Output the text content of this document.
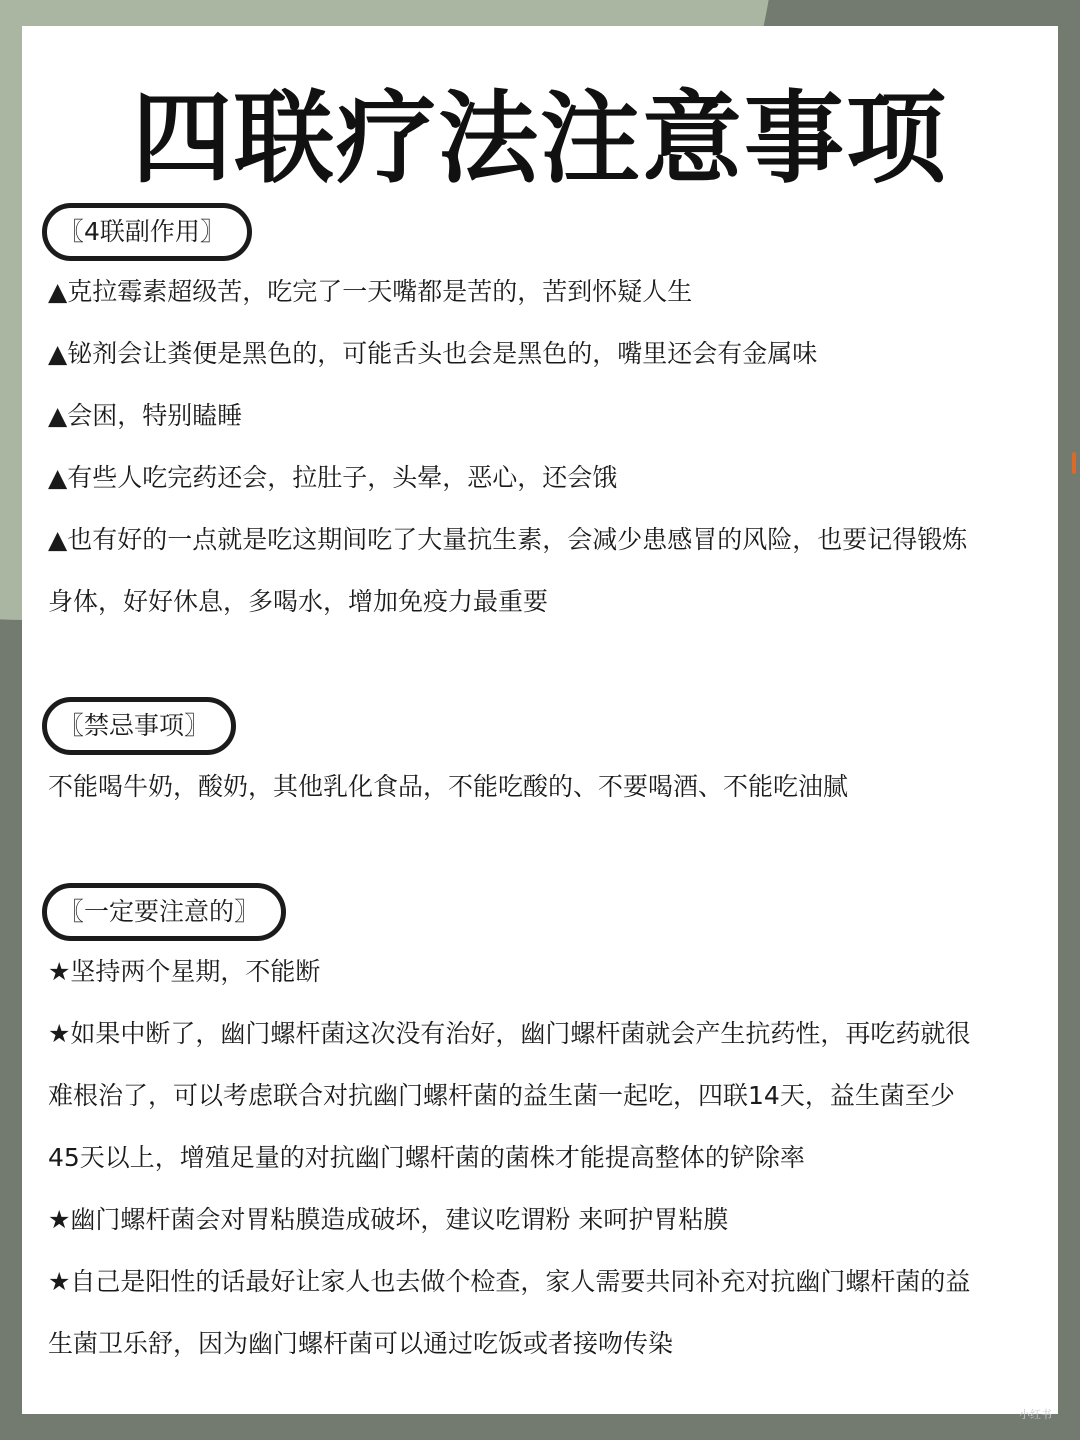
四联疗法注意事项
〖4联副作用〗

▲克拉霉素超级苦，吃完了一天嘴都是苦的，苦到怀疑人生

▲铋剂会让粪便是黑色的，可能舌头也会是黑色的，嘴里还会有金属味

▲会困，特别瞌睡

▲有些人吃完药还会，拉肚子，头晕，恶心，还会饿

▲也有好的一点就是吃这期间吃了大量抗生素，会减少患感冒的风险，也要记得锻炼

身体，好好休息，多喝水，增加免疫力最重要

〖禁忌事项〗

不能喝牛奶，酸奶，其他乳化食品，不能吃酸的、不要喝酒、不能吃油腻

〖一定要注意的〗

★坚持两个星期，不能断

★如果中断了，幽门螺杆菌这次没有治好，幽门螺杆菌就会产生抗药性，再吃药就很

难根治了，可以考虑联合对抗幽门螺杆菌的益生菌一起吃，四联14天，益生菌至少

45天以上，增殖足量的对抗幽门螺杆菌的菌株才能提高整体的铲除率

★幽门螺杆菌会对胃粘膜造成破坏，建议吃谓粉 来呵护胃粘膜

★自己是阳性的话最好让家人也去做个检查，家人需要共同补充对抗幽门螺杆菌的益

生菌卫乐舒，因为幽门螺杆菌可以通过吃饭或者接吻传染

小红书
